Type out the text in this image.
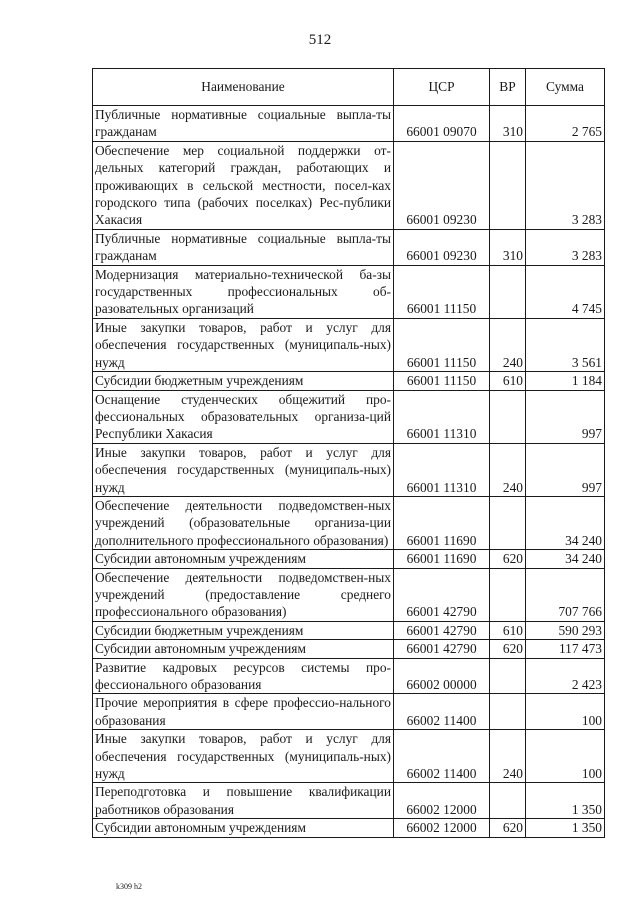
512
Наименование	ЦСР	ВР	Сумма
Публичные нормативные социальные выпла-ты гражданам	66001 09070	310	2 765
Обеспечение мер социальной поддержки от-дельных категорий граждан, работающих и проживающих в сельской местности, посел-ках городского типа (рабочих поселках) Рес-публики Хакасия	66001 09230		3 283
Публичные нормативные социальные выпла-ты гражданам	66001 09230	310	3 283
Модернизация материально-технической ба-зы государственных профессиональных об-разовательных организаций	66001 11150		4 745
Иные закупки товаров, работ и услуг для обеспечения государственных (муниципаль-ных) нужд	66001 11150	240	3 561
Субсидии бюджетным учреждениям	66001 11150	610	1 184
Оснащение студенческих общежитий про-фессиональных образовательных организа-ций Республики Хакасия	66001 11310		997
Иные закупки товаров, работ и услуг для обеспечения государственных (муниципаль-ных) нужд	66001 11310	240	997
Обеспечение деятельности подведомствен-ных учреждений (образовательные организа-ции дополнительного профессионального образования)	66001 11690		34 240
Субсидии автономным учреждениям	66001 11690	620	34 240
Обеспечение деятельности подведомствен-ных учреждений (предоставление среднего профессионального образования)	66001 42790		707 766
Субсидии бюджетным учреждениям	66001 42790	610	590 293
Субсидии автономным учреждениям	66001 42790	620	117 473
Развитие кадровых ресурсов системы про-фессионального образования	66002 00000		2 423
Прочие мероприятия в сфере профессио-нального образования	66002 11400		100
Иные закупки товаров, работ и услуг для обеспечения государственных (муниципаль-ных) нужд	66002 11400	240	100
Переподготовка и повышение квалификации работников образования	66002 12000		1 350
Субсидии автономным учреждениям	66002 12000	620	1 350
k309 h2
